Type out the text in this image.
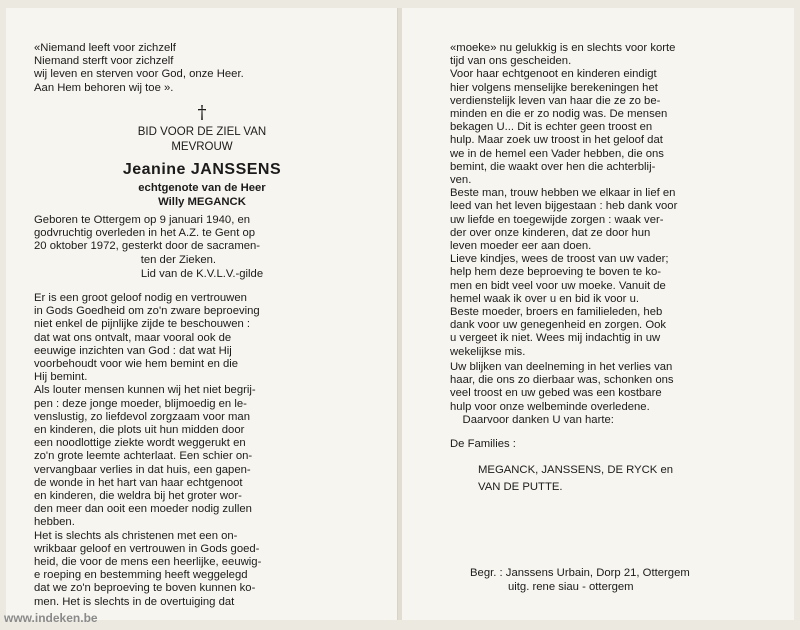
«Niemand leeft voor zichzelf
Niemand sterft voor zichzelf
wij leven en sterven voor God, onze Heer.
Aan Hem behoren wij toe ».
†
BID VOOR DE ZIEL VAN
MEVROUW
Jeanine JANSSENS
echtgenote van de Heer
Willy MEGANCK
Geboren te Ottergem op 9 januari 1940, en
godvruchtig overleden in het A.Z. te Gent op
20 oktober 1972, gesterkt door de sacramen-
ten der Zieken.
Lid van de K.V.L.V.-gilde
Er is een groot geloof nodig en vertrouwen
in Gods Goedheid om zo'n zware beproeving
niet enkel de pijnlijke zijde te beschouwen :
dat wat ons ontvalt, maar vooral ook de
eeuwige inzichten van God : dat wat Hij
voorbehoudt voor wie hem bemint en die
Hij bemint.
Als louter mensen kunnen wij het niet begrij-
pen : deze jonge moeder, blijmoedig en le-
venslustig, zo liefdevol zorgzaam voor man
en kinderen, die plots uit hun midden door
een noodlottige ziekte wordt weggerukt en
zo'n grote leemte achterlaat. Een schier on-
vervangbaar verlies in dat huis, een gapen-
de wonde in het hart van haar echtgenoot
en kinderen, die weldra bij het groter wor-
den meer dan ooit een moeder nodig zullen
hebben.
Het is slechts als christenen met een on-
wrikbaar geloof en vertrouwen in Gods goed-
heid, die voor de mens een heerlijke, eeuwig-
e roeping en bestemming heeft weggelegd
dat we zo'n beproeving te boven kunnen ko-
men. Het is slechts in de overtuiging dat
«moeke» nu gelukkig is en slechts voor korte
tijd van ons gescheiden.
Voor haar echtgenoot en kinderen eindigt
hier volgens menselijke berekeningen het
verdienstelijk leven van haar die ze zo be-
minden en die er zo nodig was. De mensen
bekagen U... Dit is echter geen troost en
hulp. Maar zoek uw troost in het geloof dat
we in de hemel een Vader hebben, die ons
bemint, die waakt over hen die achterblij-
ven.
Beste man, trouw hebben we elkaar in lief en
leed van het leven bijgestaan : heb dank voor
uw liefde en toegewijde zorgen : waak ver-
der over onze kinderen, dat ze door hun
leven moeder eer aan doen.
Lieve kindjes, wees de troost van uw vader;
help hem deze beproeving te boven te ko-
men en bidt veel voor uw moeke. Vanuit de
hemel waak ik over u en bid ik voor u.
Beste moeder, broers en familieleden, heb
dank voor uw genegenheid en zorgen. Ook
u vergeet ik niet. Wees mij indachtig in uw
wekelijkse mis.
Uw blijken van deelneming in het verlies van
haar, die ons zo dierbaar was, schonken ons
veel troost en uw gebed was een kostbare
hulp voor onze welbeminde overledene.
Daarvoor danken U van harte:
De Families :
MEGANCK, JANSSENS, DE RYCK en
VAN DE PUTTE.
Begr. : Janssens Urbain, Dorp 21, Ottergem
uitg. rene siau - ottergem
www.indeken.be
